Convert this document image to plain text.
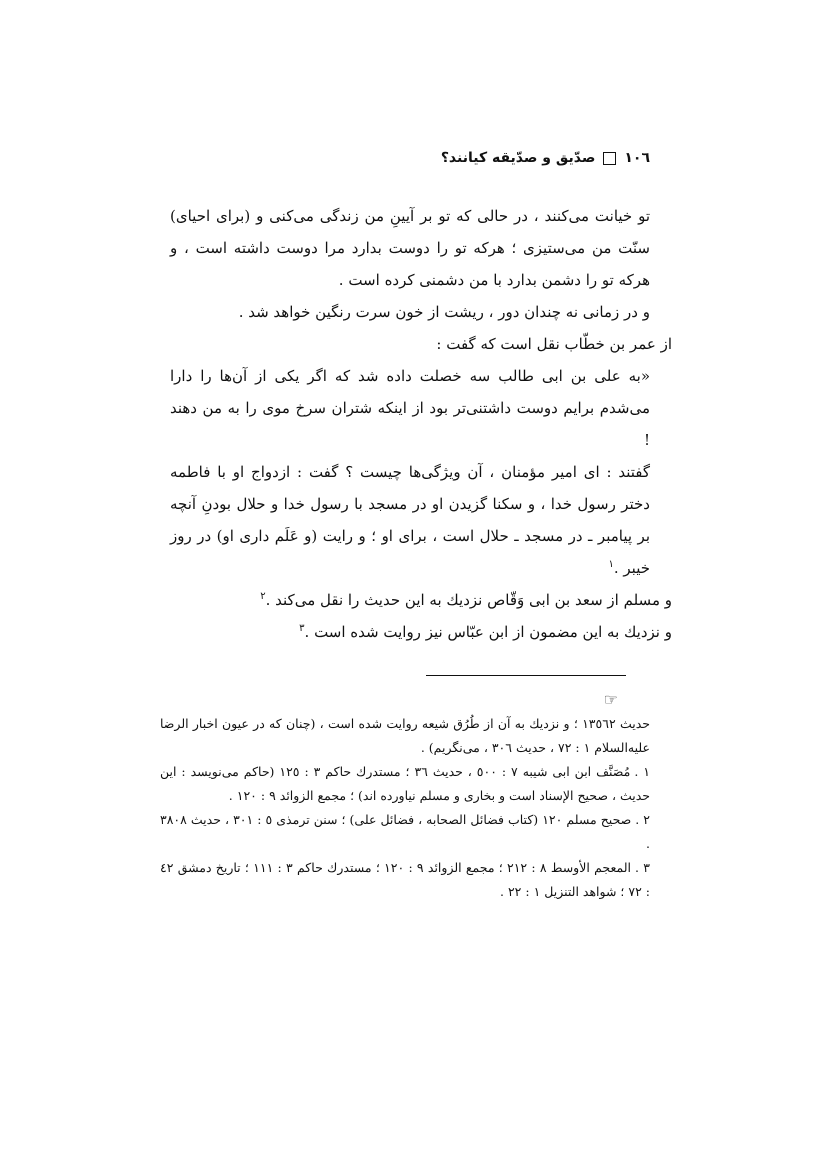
١٠٦
صدّيق و صدّيقه كيانند؟

تو خيانت مى‌كنند ، در حالى كه تو بر آيينِ من زندگى مى‌كنى و (براى احياى) سنّت من مى‌ستيزى ؛ هركه تو را دوست بدارد مرا دوست داشته است ، و هركه تو را دشمن بدارد با من دشمنى كرده است .

و در زمانى نه چندان دور ، ريشت از خون سرت رنگين خواهد شد .

از عمر بن خطّاب نقل است كه گفت :

«به على بن ابى طالب سه خصلت داده شد كه اگر يكى از آن‌ها را دارا مى‌شدم برايم دوست داشتنى‌تر بود از اينكه شتران سرخ موى را به من دهند !

گفتند : اى امير مؤمنان ، آن ويژگى‌ها چيست ؟ گفت : ازدواج او با فاطمه دختر رسول خدا ، و سكنا گزيدن او در مسجد با رسول خدا و حلال بودنِ آنچه بر پيامبر ـ در مسجد ـ حلال است ، براى او ؛ و رايت (و عَلَم دارى او) در روز خيبر .$^١$

و مسلم از سعد بن ابى وَقّاص نزديك به اين حديث را نقل مى‌كند .$^٢$

و نزديك به اين مضمون از ابن عبّاس نيز روايت شده است .$^٣$

☞

حديث ١٣٥٦٢ ؛ و نزديك به آن از طُرُق شيعه روايت شده است ، (چنان كه در عيون اخبار الرضا عليه‌السلام ١ : ٧٢ ، حديث ٣٠٦ ، مى‌نگريم) .

١ .مُصَنَّف ابن ابى شيبه ٧ : ٥٠٠ ، حديث ٣٦ ؛ مستدرك حاكم ٣ : ١٢٥ (حاكم مى‌نويسد : اين حديث ، صحيح الإسناد است و بخارى و مسلم نياورده اند) ؛ مجمع الزوائد ٩ : ١٢٠ .

٢ .صحيح مسلم ١٢٠ (كتاب فضائل الصحابه ، فضائل على) ؛ سنن ترمذى ٥ : ٣٠١ ، حديث ٣٨٠٨ .

٣ .المعجم الأوسط ٨ : ٢١٢ ؛ مجمع الزوائد ٩ : ١٢٠ ؛ مستدرك حاكم ٣ : ١١١ ؛ تاريخ دمشق ٤٢ : ٧٢ ؛ شواهد التنزيل ١ : ٢٢ .
